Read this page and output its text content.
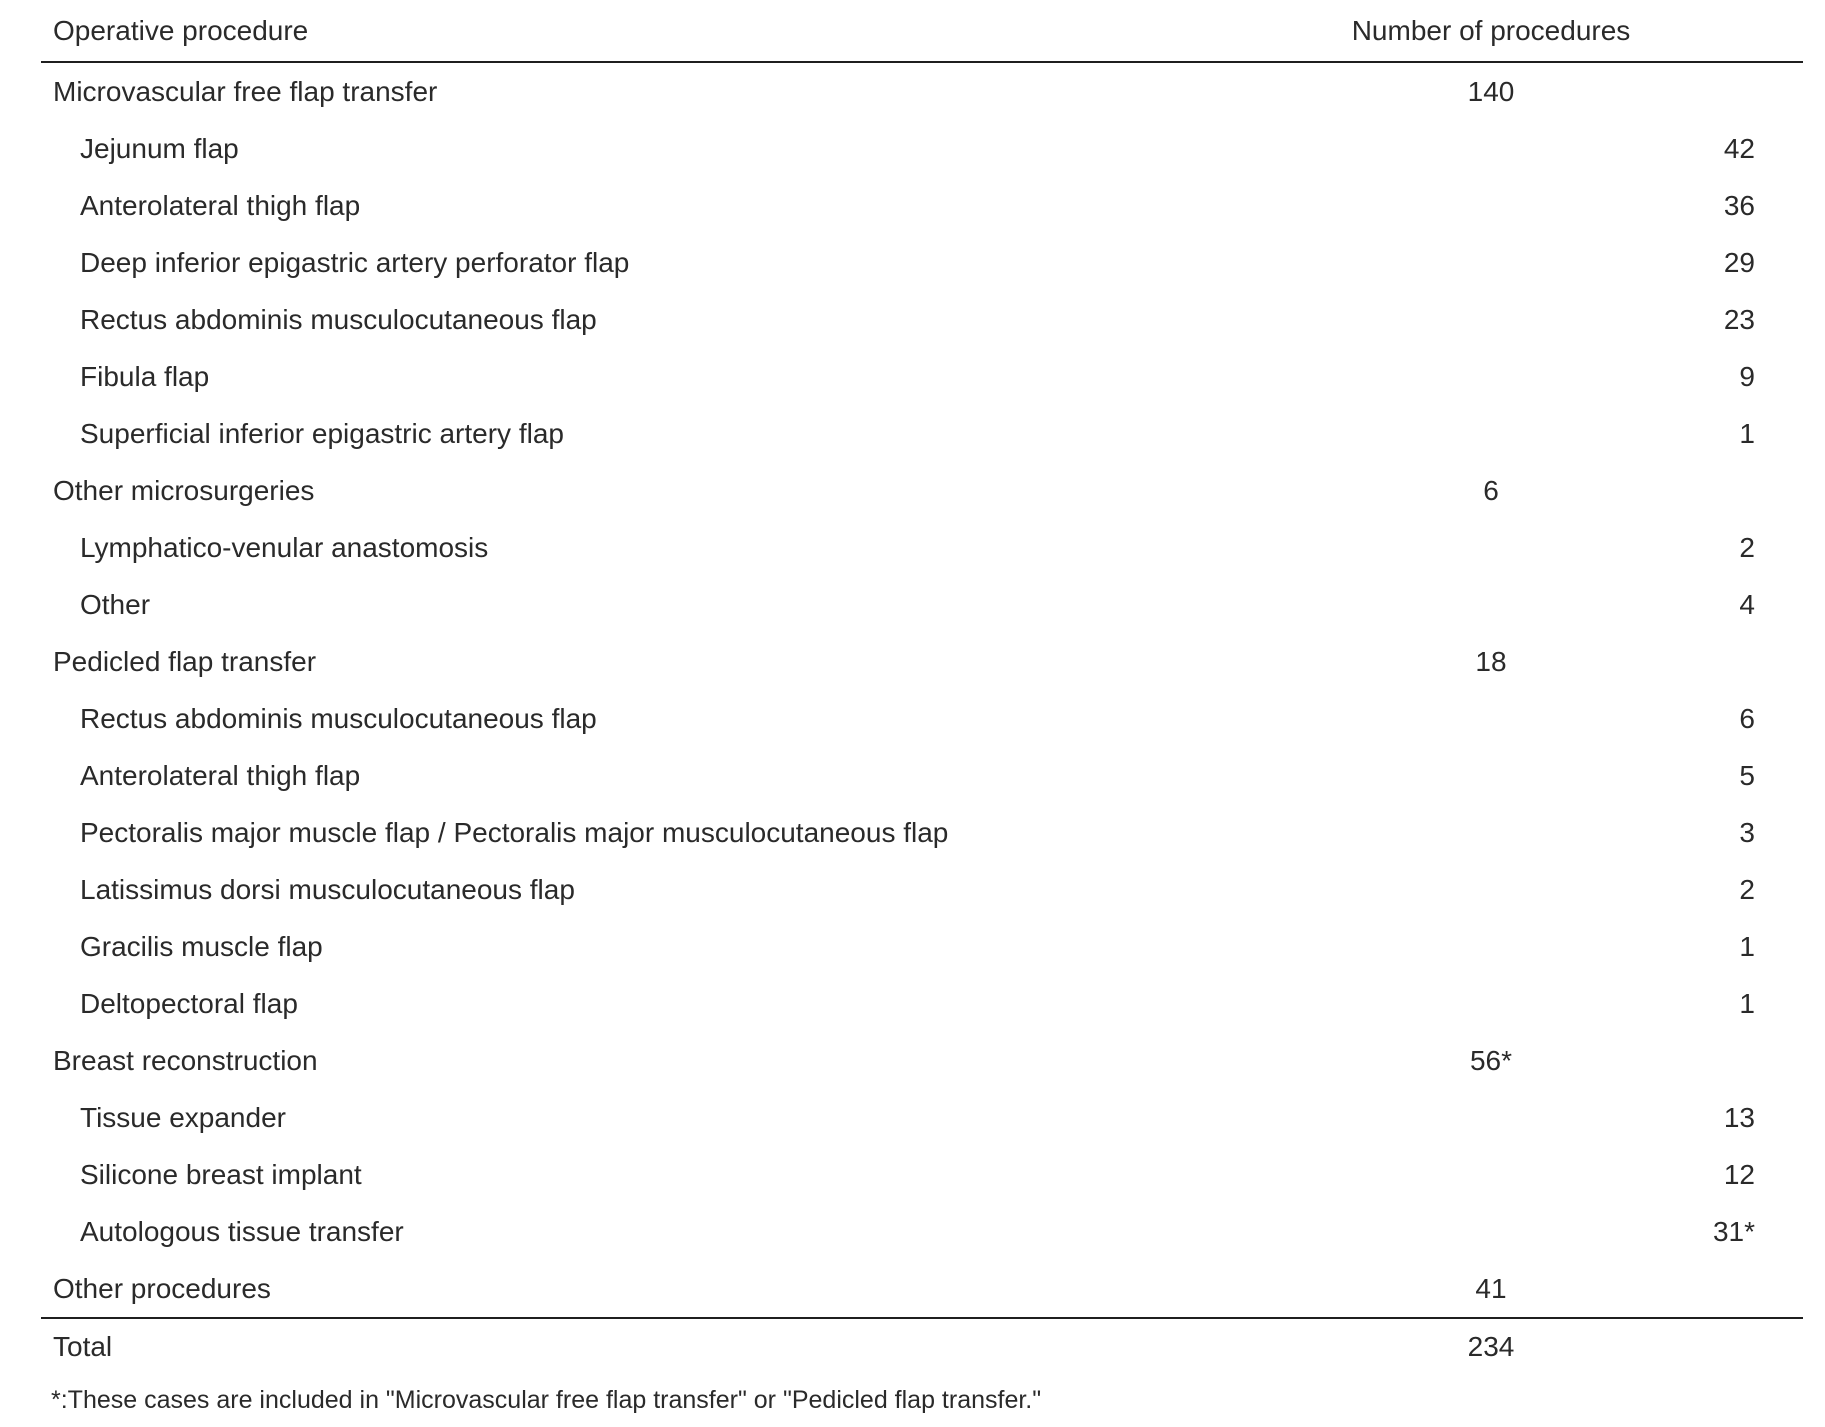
Operative procedure	Number of procedures
Microvascular free flap transfer	140
Jejunum flap	42
Anterolateral thigh flap	36
Deep inferior epigastric artery perforator flap	29
Rectus abdominis musculocutaneous flap	23
Fibula flap	9
Superficial inferior epigastric artery flap	1
Other microsurgeries	6
Lymphatico-venular anastomosis	2
Other	4
Pedicled flap transfer	18
Rectus abdominis musculocutaneous flap	6
Anterolateral thigh flap	5
Pectoralis major muscle flap / Pectoralis major musculocutaneous flap	3
Latissimus dorsi musculocutaneous flap	2
Gracilis muscle flap	1
Deltopectoral flap	1
Breast reconstruction	56*
Tissue expander	13
Silicone breast implant	12
Autologous tissue transfer	31*
Other procedures	41
Total	234
*:These cases are included in "Microvascular free flap transfer" or "Pedicled flap transfer."
